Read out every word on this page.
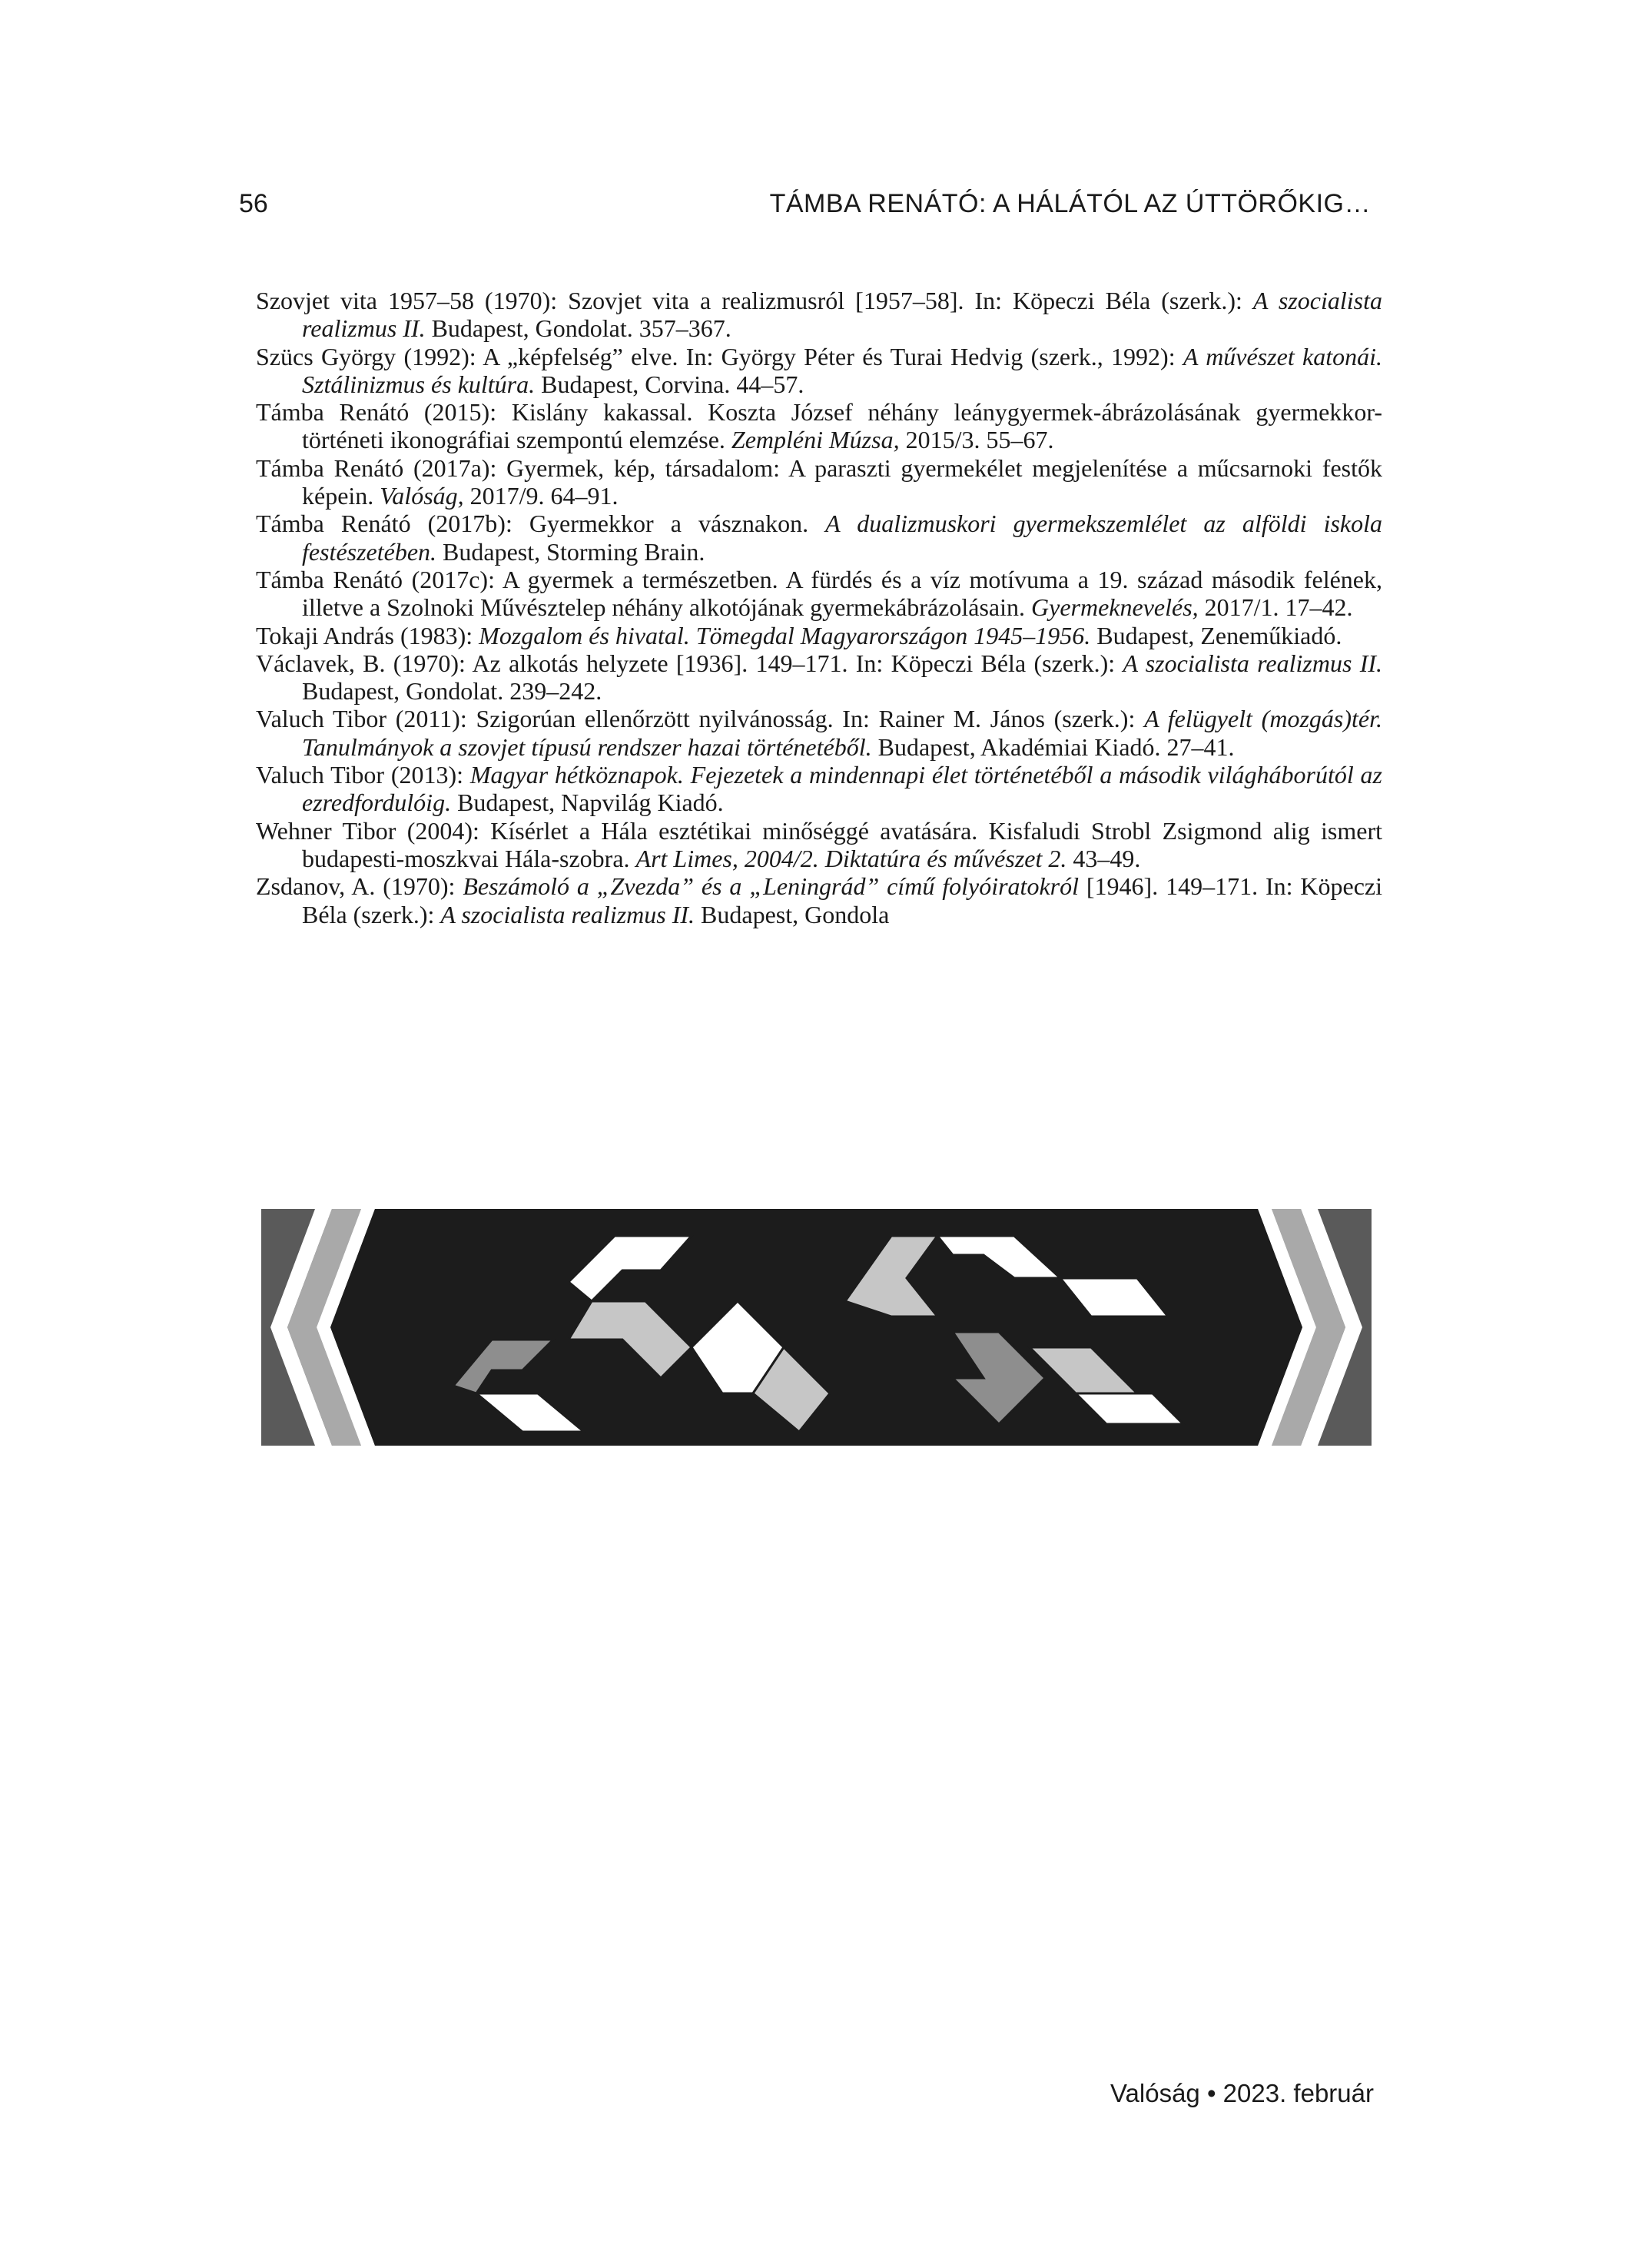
56	TÁMBA RENÁTÓ: A HÁLÁTÓL AZ ÚTTÖRŐKIG…

Szovjet vita 1957–58 (1970): Szovjet vita a realizmusról [1957–58]. In: Köpeczi Béla (szerk.): A szocialista realizmus II. Budapest, Gondolat. 357–367.

Szücs György (1992): A „képfelség” elve. In: György Péter és Turai Hedvig (szerk., 1992): A művészet katonái. Sztálinizmus és kultúra. Budapest, Corvina. 44–57.

Támba Renátó (2015): Kislány kakassal. Koszta József néhány leánygyermek-ábrázolásának gyermekkor-történeti ikonográfiai szempontú elemzése. Zempléni Múzsa, 2015/3. 55–67.

Támba Renátó (2017a): Gyermek, kép, társadalom: A paraszti gyermekélet megjelenítése a műcsarnoki festők képein. Valóság, 2017/9. 64–91.

Támba Renátó (2017b): Gyermekkor a vásznakon. A dualizmuskori gyermekszemlélet az alföldi iskola festészetében. Budapest, Storming Brain.

Támba Renátó (2017c): A gyermek a természetben. A fürdés és a víz motívuma a 19. század második felének, illetve a Szolnoki Művésztelep néhány alkotójának gyermekábrázolásain. Gyermeknevelés, 2017/1. 17–42.

Tokaji András (1983): Mozgalom és hivatal. Tömegdal Magyarországon 1945–1956. Budapest, Zeneműkiadó.

Václavek, B. (1970): Az alkotás helyzete [1936]. 149–171. In: Köpeczi Béla (szerk.): A szocialista realizmus II. Budapest, Gondolat. 239–242.

Valuch Tibor (2011): Szigorúan ellenőrzött nyilvánosság. In: Rainer M. János (szerk.): A felügyelt (mozgás)tér. Tanulmányok a szovjet típusú rendszer hazai történetéből. Budapest, Akadémiai Kiadó. 27–41.

Valuch Tibor (2013): Magyar hétköznapok. Fejezetek a mindennapi élet történetéből a második világháborútól az ezredfordulóig. Budapest, Napvilág Kiadó.

Wehner Tibor (2004): Kísérlet a Hála esztétikai minőséggé avatására. Kisfaludi Strobl Zsigmond alig ismert budapesti-moszkvai Hála-szobra. Art Limes, 2004/2. Diktatúra és művészet 2. 43–49.

Zsdanov, A. (1970): Beszámoló a „Zvezda” és a „Leningrád” című folyóiratokról [1946]. 149–171. In: Köpeczi Béla (szerk.): A szocialista realizmus II. Budapest, Gondola

Valóság • 2023. február
